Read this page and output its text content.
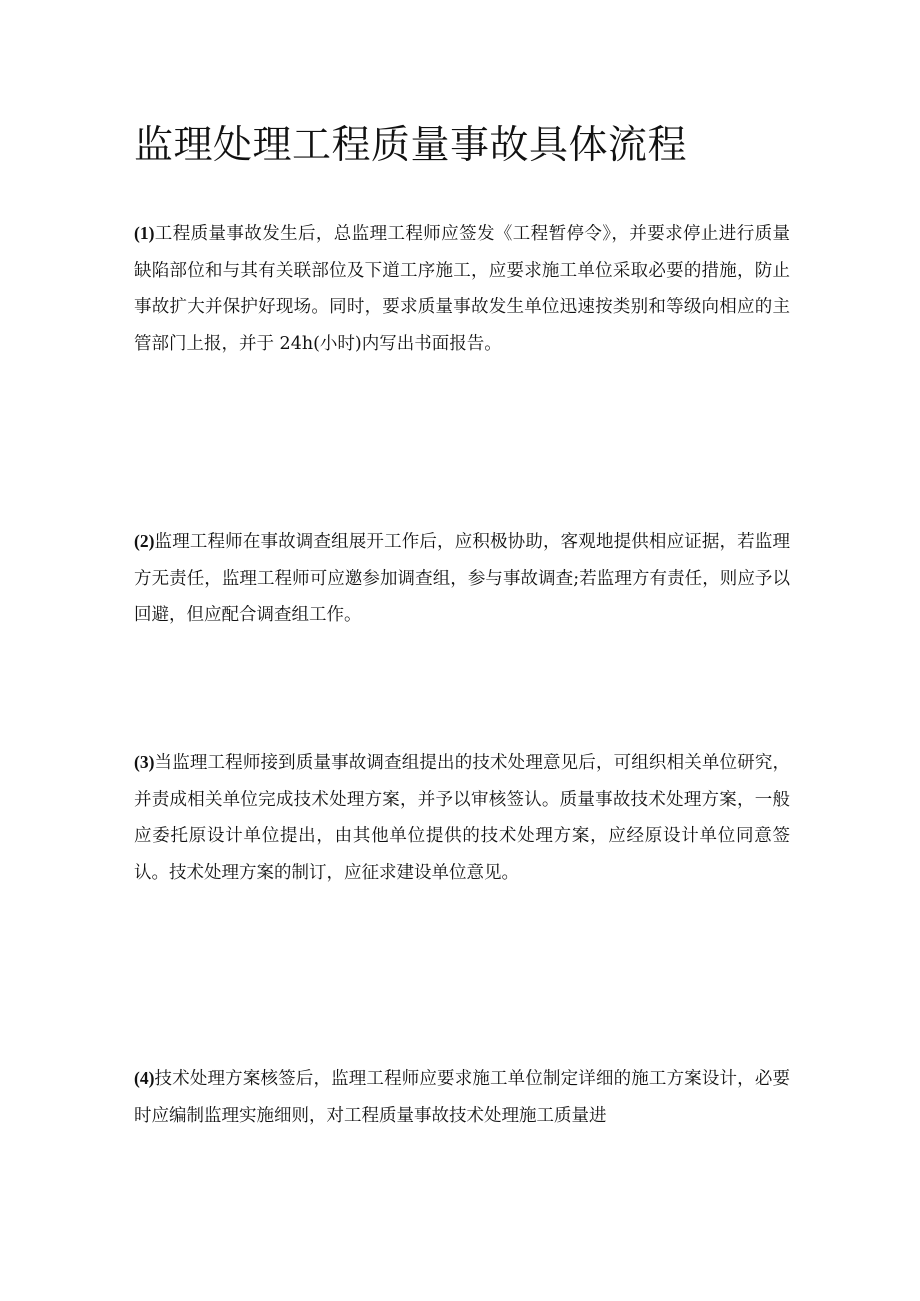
监理处理工程质量事故具体流程

(1)工程质量事故发生后，总监理工程师应签发《工程暂停令》，并要求停止进行质量缺陷部位和与其有关联部位及下道工序施工，应要求施工单位采取必要的措施，防止事故扩大并保护好现场。同时，要求质量事故发生单位迅速按类别和等级向相应的主管部门上报，并于 24h(小时)内写出书面报告。

(2)监理工程师在事故调查组展开工作后，应积极协助，客观地提供相应证据，若监理方无责任，监理工程师可应邀参加调查组，参与事故调查;若监理方有责任，则应予以回避，但应配合调查组工作。

(3)当监理工程师接到质量事故调查组提出的技术处理意见后，可组织相关单位研究，并责成相关单位完成技术处理方案，并予以审核签认。质量事故技术处理方案，一般应委托原设计单位提出，由其他单位提供的技术处理方案，应经原设计单位同意签认。技术处理方案的制订，应征求建设单位意见。

(4)技术处理方案核签后，监理工程师应要求施工单位制定详细的施工方案设计，必要时应编制监理实施细则，对工程质量事故技术处理施工质量进
